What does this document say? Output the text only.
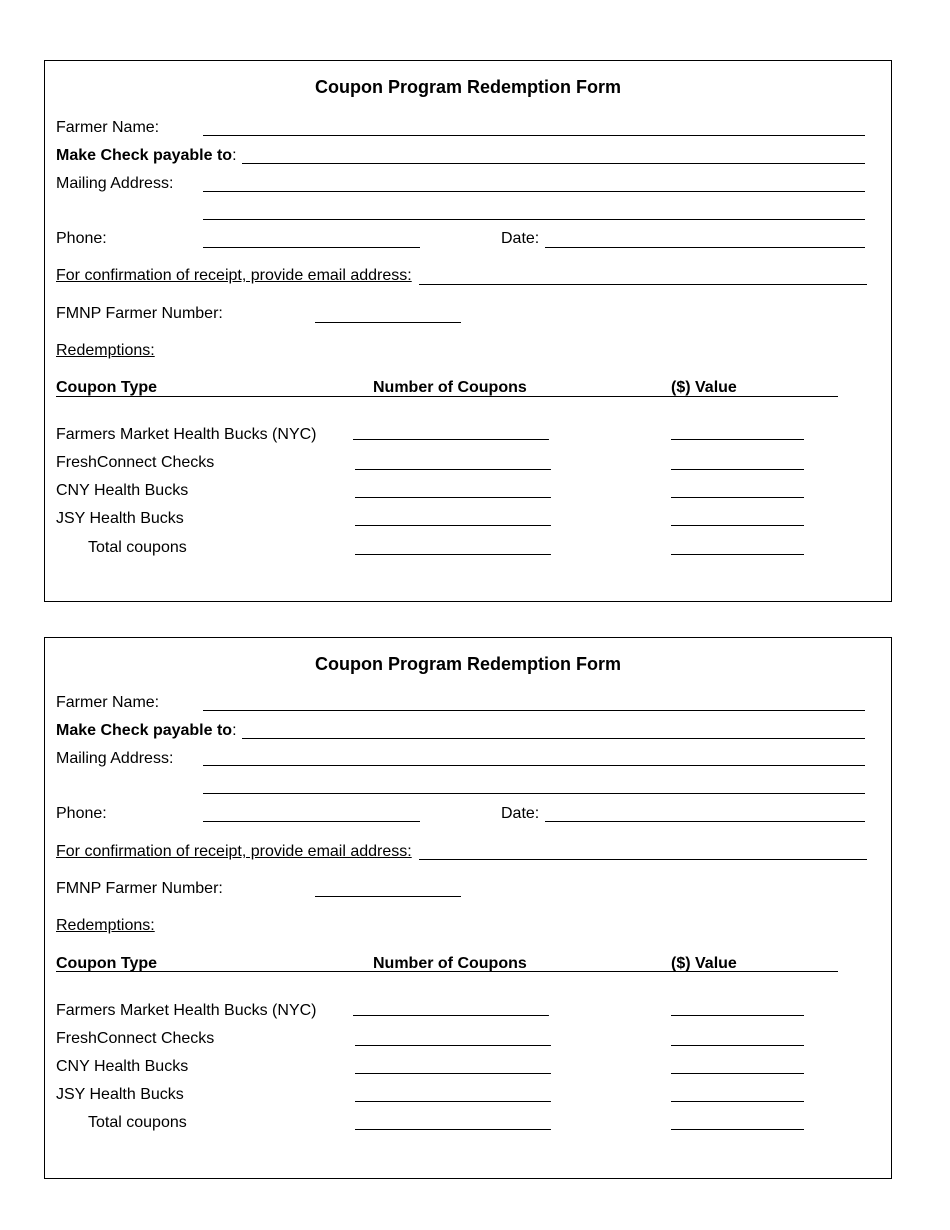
Coupon Program Redemption Form
Farmer Name:
Make Check payable to:
Mailing Address:
Phone:	Date:
For confirmation of receipt, provide email address:
FMNP Farmer Number:
Redemptions:
Coupon Type	Number of Coupons	($) Value
Farmers Market Health Bucks (NYC) ______________________	_______________
FreshConnect Checks	______________________	_______________
CNY Health Bucks	______________________	_______________
JSY Health Bucks	______________________	_______________
Total coupons	______________________	_______________
Coupon Program Redemption Form
Farmer Name:
Make Check payable to:
Mailing Address:
Phone:	Date:
For confirmation of receipt, provide email address:
FMNP Farmer Number:
Redemptions:
Coupon Type	Number of Coupons	($) Value
Farmers Market Health Bucks (NYC) ______________________	_______________
FreshConnect Checks	______________________	_______________
CNY Health Bucks	______________________	_______________
JSY Health Bucks	______________________	_______________
Total coupons	______________________	_______________
